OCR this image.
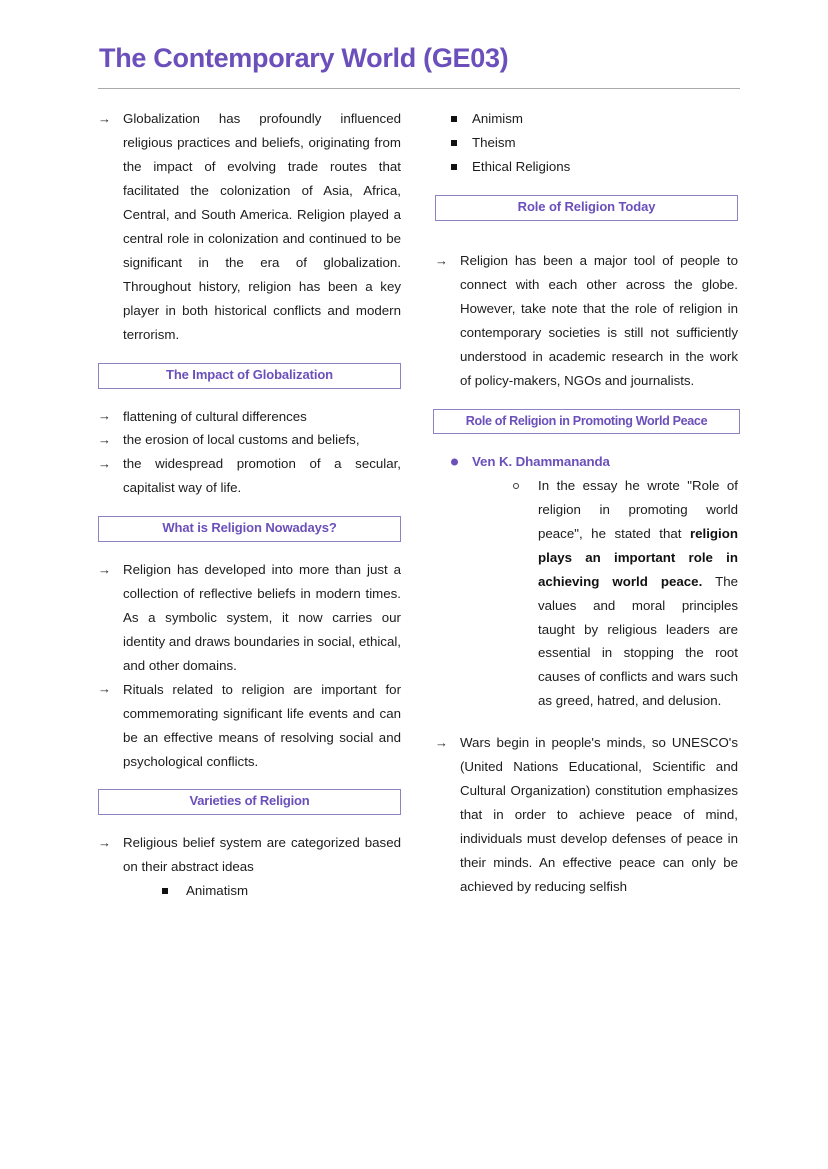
The Contemporary World (GE03)
→ Globalization has profoundly influenced religious practices and beliefs, originating from the impact of evolving trade routes that facilitated the colonization of Asia, Africa, Central, and South America. Religion played a central role in colonization and continued to be significant in the era of globalization. Throughout history, religion has been a key player in both historical conflicts and modern terrorism.
The Impact of Globalization
→ flattening of cultural differences
→ the erosion of local customs and beliefs,
→ the widespread promotion of a secular, capitalist way of life.
What is Religion Nowadays?
→ Religion has developed into more than just a collection of reflective beliefs in modern times. As a symbolic system, it now carries our identity and draws boundaries in social, ethical, and other domains.
→ Rituals related to religion are important for commemorating significant life events and can be an effective means of resolving social and psychological conflicts.
Varieties of Religion
→ Religious belief system are categorized based on their abstract ideas
Animatism
Animism
Theism
Ethical Religions
Role of Religion Today
→ Religion has been a major tool of people to connect with each other across the globe. However, take note that the role of religion in contemporary societies is still not sufficiently understood in academic research in the work of policy-makers, NGOs and journalists.
Role of Religion in Promoting World Peace
Ven K. Dhammananda
In the essay he wrote "Role of religion in promoting world peace", he stated that religion plays an important role in achieving world peace. The values and moral principles taught by religious leaders are essential in stopping the root causes of conflicts and wars such as greed, hatred, and delusion.
→ Wars begin in people's minds, so UNESCO's (United Nations Educational, Scientific and Cultural Organization) constitution emphasizes that in order to achieve peace of mind, individuals must develop defenses of peace in their minds. An effective peace can only be achieved by reducing selfish
